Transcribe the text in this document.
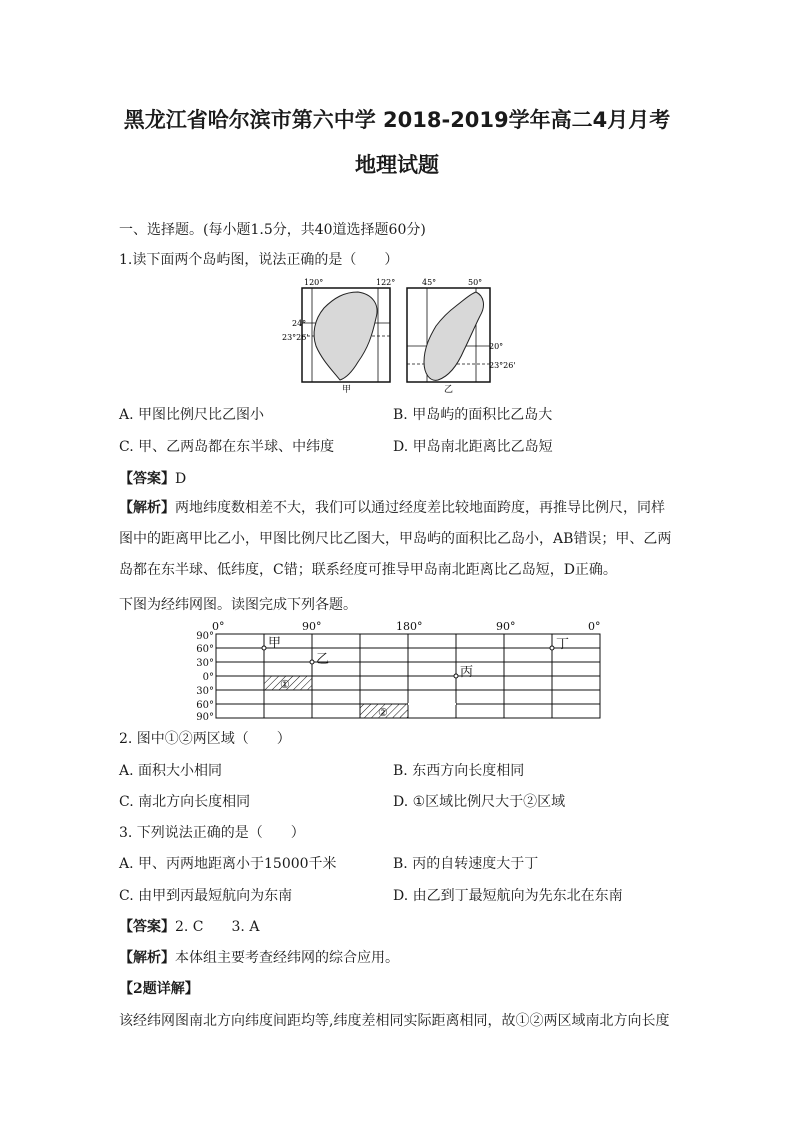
黑龙江省哈尔滨市第六中学 2018-2019学年高二4月月考
地理试题
一、选择题。(每小题1.5分，共40道选择题60分)
1.读下面两个岛屿图，说法正确的是（　　）
120°	122°
24°
23°26'
甲
45°	50°
20°
23°26'
乙
A. 甲图比例尺比乙图小	B. 甲岛屿的面积比乙岛大
C. 甲、乙两岛都在东半球、中纬度	D. 甲岛南北距离比乙岛短
【答案】D
【解析】两地纬度数相差不大，我们可以通过经度差比较地面跨度，再推导比例尺，同样图中的距离甲比乙小，甲图比例尺比乙图大，甲岛屿的面积比乙岛小，AB错误；甲、乙两岛都在东半球、低纬度，C错；联系经度可推导甲岛南北距离比乙岛短，D正确。
下图为经纬网图。读图完成下列各题。
①
②
甲
乙
丙
丁
0°	90°	180°	90°	0°
90°
60°
30°
0°
30°
60°
90°
2. 图中①②两区域（　　）
A. 面积大小相同	B. 东西方向长度相同
C. 南北方向长度相同	D. ①区域比例尺大于②区域
3. 下列说法正确的是（　　）
A. 甲、丙两地距离小于15000千米	B. 丙的自转速度大于丁
C. 由甲到丙最短航向为东南	D. 由乙到丁最短航向为先东北在东南
【答案】2. C　　3. A
【解析】本体组主要考查经纬网的综合应用。
【2题详解】
该经纬网图南北方向纬度间距均等,纬度差相同实际距离相同，故①②两区域南北方向长度
